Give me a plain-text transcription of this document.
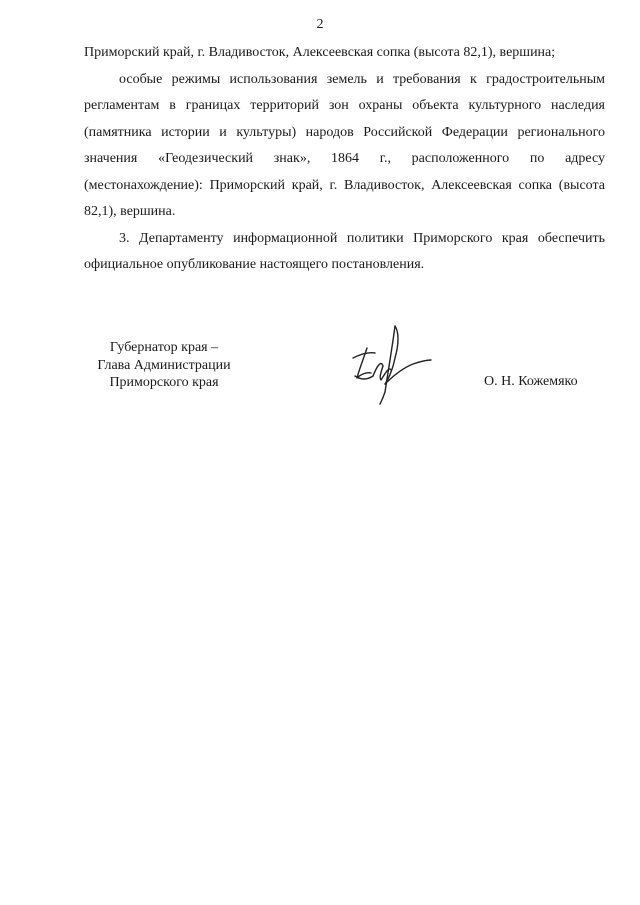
2

Приморский край, г. Владивосток, Алексеевская сопка (высота 82,1), вершина;

особые режимы использования земель и требования к градостроительным регламентам в границах территорий зон охраны объекта культурного наследия (памятника истории и культуры) народов Российской Федерации регионального значения «Геодезический знак», 1864 г., расположенного по адресу (местонахождение): Приморский край, г. Владивосток, Алексеевская сопка (высота 82,1), вершина.

3. Департаменту информационной политики Приморского края обеспечить официальное опубликование настоящего постановления.

Губернатор края –
Глава Администрации
Приморского края	О. Н. Кожемяко
